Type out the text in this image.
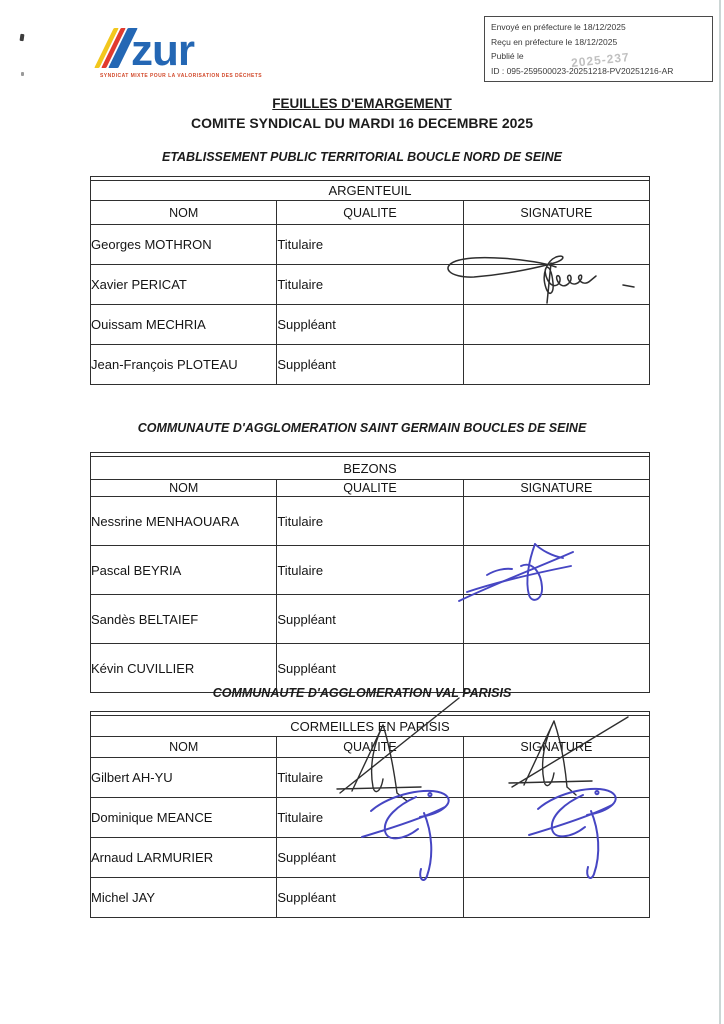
zur
SYNDICAT MIXTE POUR LA VALORISATION DES DÉCHETS
Envoyé en préfecture le 18/12/2025
Reçu en préfecture le 18/12/2025
Publié le
ID : 095-259500023-20251218-PV20251216-AR
2025-237
FEUILLES D'EMARGEMENT
COMITE SYNDICAL DU MARDI 16 DECEMBRE 2025
ETABLISSEMENT PUBLIC TERRITORIAL BOUCLE NORD DE SEINE

ARGENTEUIL		
NOM	QUALITE	SIGNATURE
Georges MOTHRON	Titulaire	
Xavier PERICAT	Titulaire	
Ouissam MECHRIA	Suppléant	
Jean-François PLOTEAU	Suppléant	
COMMUNAUTE D'AGGLOMERATION SAINT GERMAIN BOUCLES DE SEINE

BEZONS		
NOM	QUALITE	SIGNATURE
Nessrine MENHAOUARA	Titulaire	
Pascal BEYRIA	Titulaire	
Sandès BELTAIEF	Suppléant	
Kévin CUVILLIER	Suppléant	
COMMUNAUTE D'AGGLOMERATION VAL PARISIS

CORMEILLES EN PARISIS		
NOM	QUALITE	SIGNATURE
Gilbert AH-YU	Titulaire	
Dominique MEANCE	Titulaire	
Arnaud LARMURIER	Suppléant	
Michel JAY	Suppléant	
